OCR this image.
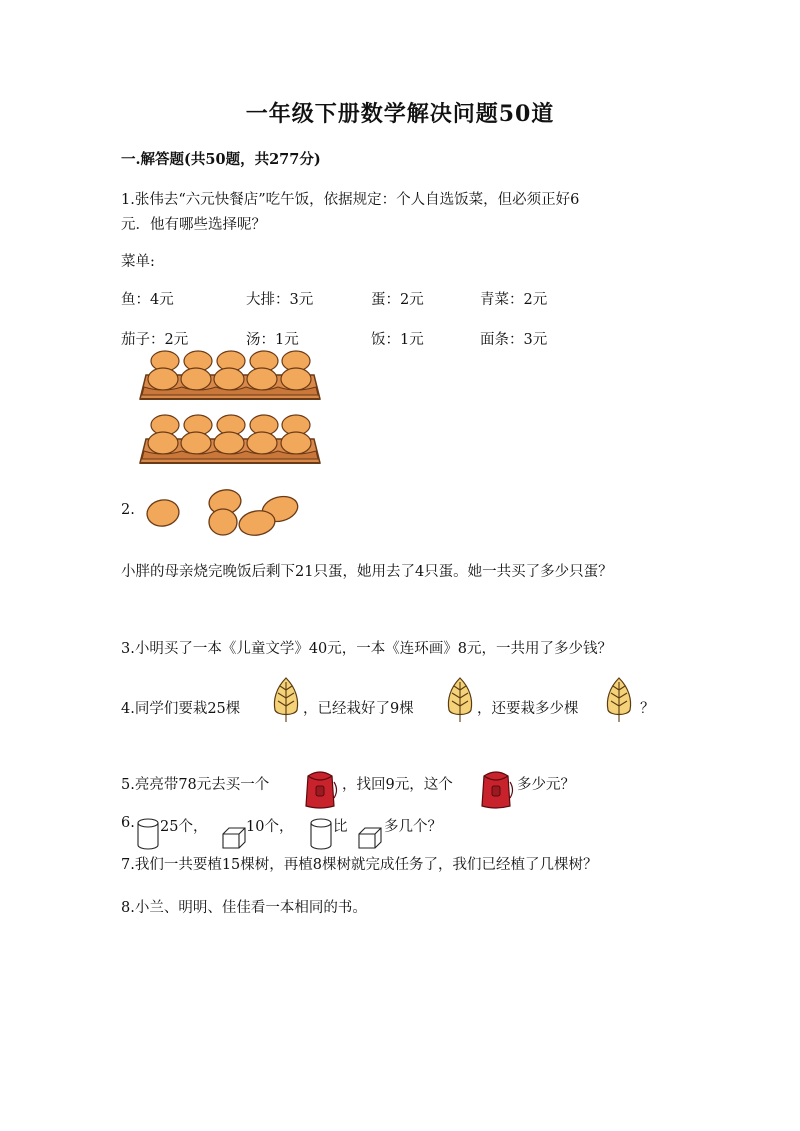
一年级下册数学解决问题50道
一.解答题(共50题，共277分)
1.张伟去“六元快餐店”吃午饭，依据规定：个人自选饭菜，但必须正好6
元．他有哪些选择呢？
菜单:
鱼：4元	大排：3元	蛋：2元	青菜：2元
茄子：2元	汤：1元	饭：1元	面条：3元
2.
小胖的母亲烧完晚饭后剩下21只蛋，她用去了4只蛋。她一共买了多少只蛋？
3.小明买了一本《儿童文学》40元，一本《连环画》8元，一共用了多少钱？
4.同学们要栽25棵	，已经栽好了9棵	，还要栽多少棵	？
5.亮亮带78元去买一个	，找回9元，这个	多少元？
6. 25个，	10个，	比	多几个？
7.我们一共要植15棵树，再植8棵树就完成任务了，我们已经植了几棵树？
8.小兰、明明、佳佳看一本相同的书。
